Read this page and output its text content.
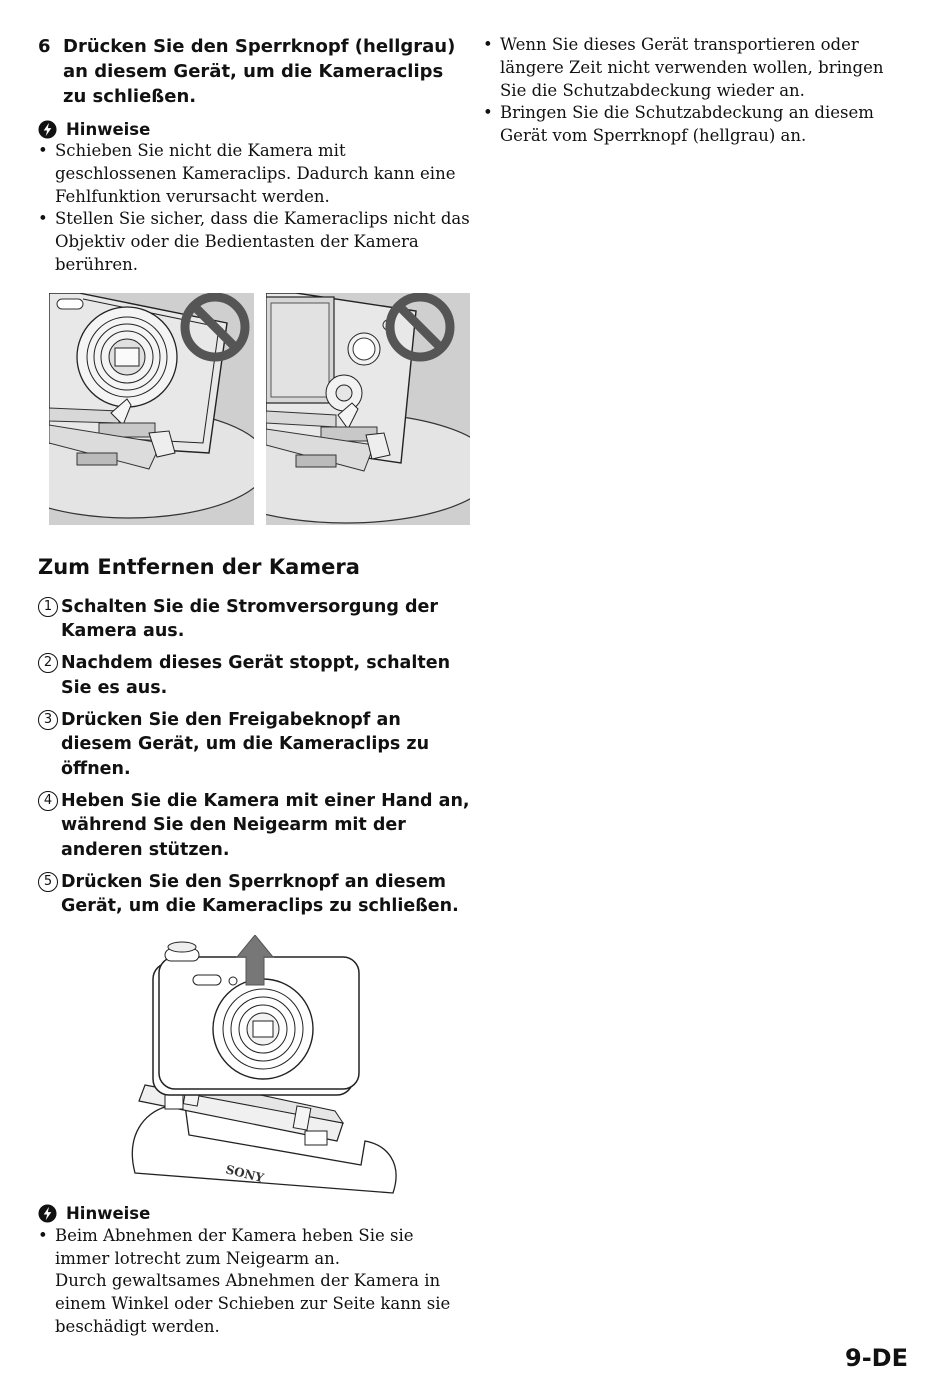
6 Drücken Sie den Sperrknopf (hellgrau) an diesem Gerät, um die Kameraclips zu schließen.
Hinweise
• Schieben Sie nicht die Kamera mit geschlossenen Kameraclips. Dadurch kann eine Fehlfunktion verursacht werden.
• Stellen Sie sicher, dass die Kameraclips nicht das Objektiv oder die Bedientasten der Kamera berühren.
Zum Entfernen der Kamera
1 Schalten Sie die Stromversorgung der Kamera aus.
2 Nachdem dieses Gerät stoppt, schalten Sie es aus.
3 Drücken Sie den Freigabeknopf an diesem Gerät, um die Kameraclips zu öffnen.
4 Heben Sie die Kamera mit einer Hand an, während Sie den Neigearm mit der anderen stützen.
5 Drücken Sie den Sperrknopf an diesem Gerät, um die Kameraclips zu schließen.
SONY
Hinweise
• Beim Abnehmen der Kamera heben Sie sie immer lotrecht zum Neigearm an.
Durch gewaltsames Abnehmen der Kamera in einem Winkel oder Schieben zur Seite kann sie beschädigt werden.
• Wenn Sie dieses Gerät transportieren oder längere Zeit nicht verwenden wollen, bringen Sie die Schutzabdeckung wieder an.
• Bringen Sie die Schutzabdeckung an diesem Gerät vom Sperrknopf (hellgrau) an.
9-DE
